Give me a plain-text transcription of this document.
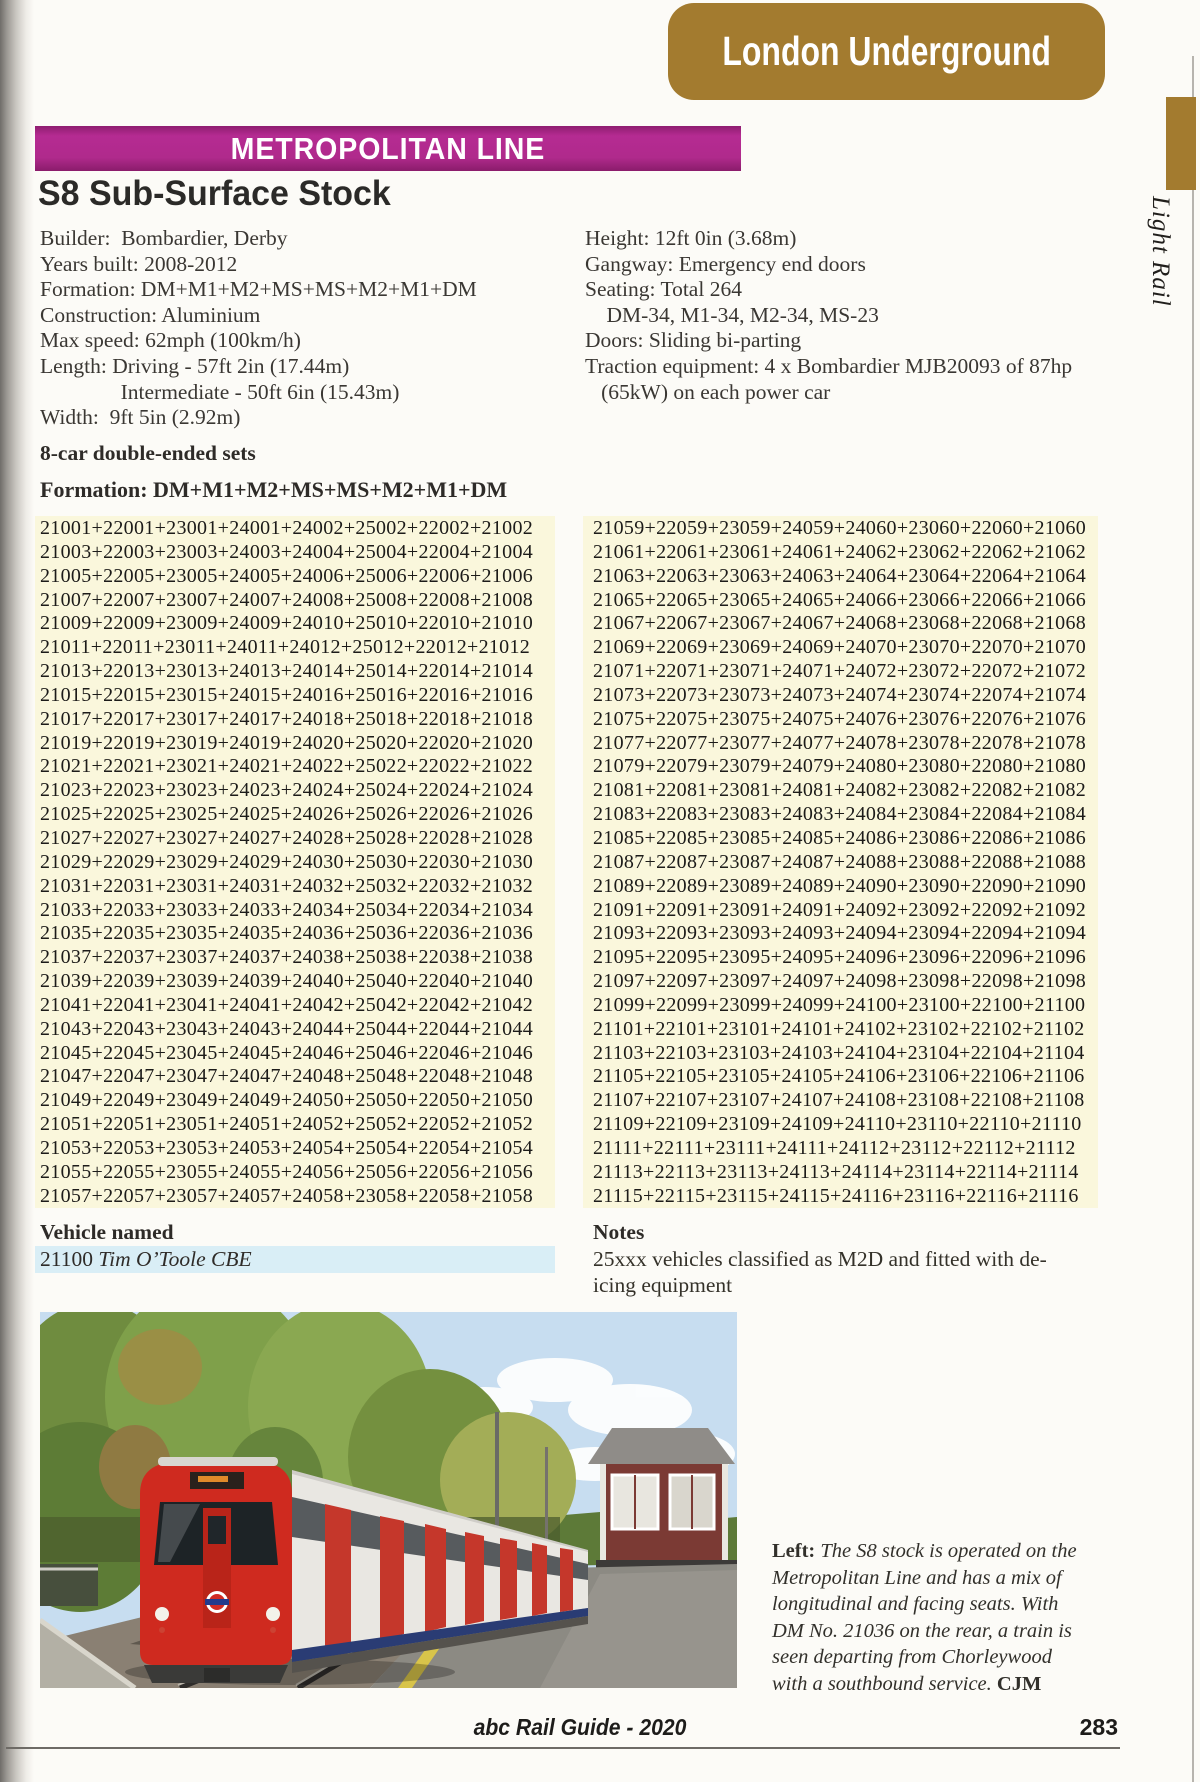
London Underground
Light Rail
METROPOLITAN LINE
S8 Sub-Surface Stock
Builder:  Bombardier, Derby
Years built: 2008-2012
Formation: DM+M1+M2+MS+MS+M2+M1+DM
Construction: Aluminium
Max speed: 62mph (100km/h)
Length: Driving - 57ft 2in (17.44m)
Intermediate - 50ft 6in (15.43m)
Width:  9ft 5in (2.92m)
Height: 12ft 0in (3.68m)
Gangway: Emergency end doors
Seating: Total 264
DM-34, M1-34, M2-34, MS-23
Doors: Sliding bi-parting
Traction equipment: 4 x Bombardier MJB20093 of 87hp
(65kW) on each power car
8-car double-ended sets
Formation: DM+M1+M2+MS+MS+M2+M1+DM
21001+22001+23001+24001+24002+25002+22002+21002
21003+22003+23003+24003+24004+25004+22004+21004
21005+22005+23005+24005+24006+25006+22006+21006
21007+22007+23007+24007+24008+25008+22008+21008
21009+22009+23009+24009+24010+25010+22010+21010
21011+22011+23011+24011+24012+25012+22012+21012
21013+22013+23013+24013+24014+25014+22014+21014
21015+22015+23015+24015+24016+25016+22016+21016
21017+22017+23017+24017+24018+25018+22018+21018
21019+22019+23019+24019+24020+25020+22020+21020
21021+22021+23021+24021+24022+25022+22022+21022
21023+22023+23023+24023+24024+25024+22024+21024
21025+22025+23025+24025+24026+25026+22026+21026
21027+22027+23027+24027+24028+25028+22028+21028
21029+22029+23029+24029+24030+25030+22030+21030
21031+22031+23031+24031+24032+25032+22032+21032
21033+22033+23033+24033+24034+25034+22034+21034
21035+22035+23035+24035+24036+25036+22036+21036
21037+22037+23037+24037+24038+25038+22038+21038
21039+22039+23039+24039+24040+25040+22040+21040
21041+22041+23041+24041+24042+25042+22042+21042
21043+22043+23043+24043+24044+25044+22044+21044
21045+22045+23045+24045+24046+25046+22046+21046
21047+22047+23047+24047+24048+25048+22048+21048
21049+22049+23049+24049+24050+25050+22050+21050
21051+22051+23051+24051+24052+25052+22052+21052
21053+22053+23053+24053+24054+25054+22054+21054
21055+22055+23055+24055+24056+25056+22056+21056
21057+22057+23057+24057+24058+23058+22058+21058
21059+22059+23059+24059+24060+23060+22060+21060
21061+22061+23061+24061+24062+23062+22062+21062
21063+22063+23063+24063+24064+23064+22064+21064
21065+22065+23065+24065+24066+23066+22066+21066
21067+22067+23067+24067+24068+23068+22068+21068
21069+22069+23069+24069+24070+23070+22070+21070
21071+22071+23071+24071+24072+23072+22072+21072
21073+22073+23073+24073+24074+23074+22074+21074
21075+22075+23075+24075+24076+23076+22076+21076
21077+22077+23077+24077+24078+23078+22078+21078
21079+22079+23079+24079+24080+23080+22080+21080
21081+22081+23081+24081+24082+23082+22082+21082
21083+22083+23083+24083+24084+23084+22084+21084
21085+22085+23085+24085+24086+23086+22086+21086
21087+22087+23087+24087+24088+23088+22088+21088
21089+22089+23089+24089+24090+23090+22090+21090
21091+22091+23091+24091+24092+23092+22092+21092
21093+22093+23093+24093+24094+23094+22094+21094
21095+22095+23095+24095+24096+23096+22096+21096
21097+22097+23097+24097+24098+23098+22098+21098
21099+22099+23099+24099+24100+23100+22100+21100
21101+22101+23101+24101+24102+23102+22102+21102
21103+22103+23103+24103+24104+23104+22104+21104
21105+22105+23105+24105+24106+23106+22106+21106
21107+22107+23107+24107+24108+23108+22108+21108
21109+22109+23109+24109+24110+23110+22110+21110
21111+22111+23111+24111+24112+23112+22112+21112
21113+22113+23113+24113+24114+23114+22114+21114
21115+22115+23115+24115+24116+23116+22116+21116
Vehicle named
21100 Tim O’Toole CBE
Notes
25xxx vehicles classified as M2D and fitted with de-icing equipment
Left: The S8 stock is operated on the Metropolitan Line and has a mix of longitudinal and facing seats. With DM No. 21036 on the rear, a train is seen departing from Chorleywood with a southbound service. CJM
abc Rail Guide - 2020	283
